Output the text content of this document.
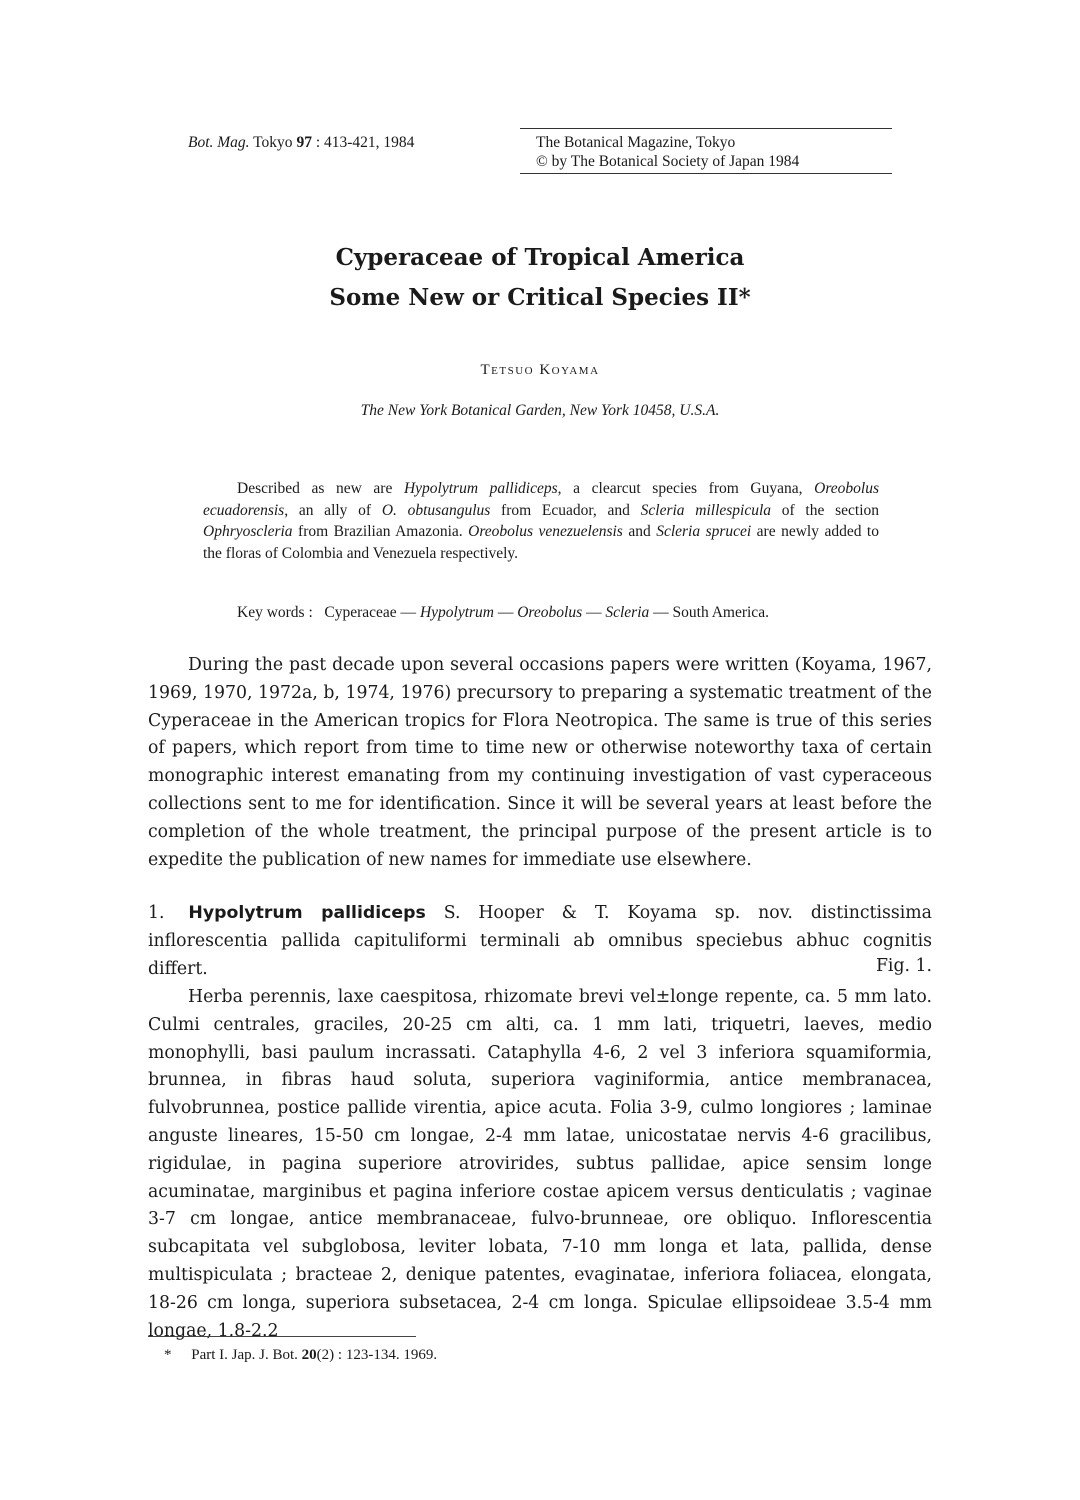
Bot. Mag. Tokyo 97 : 413-421, 1984	The Botanical Magazine, Tokyo
© by The Botanical Society of Japan 1984
Cyperaceae of Tropical America
Some New or Critical Species II*
Tetsuo Koyama
The New York Botanical Garden, New York 10458, U.S.A.
Described as new are Hypolytrum pallidiceps, a clearcut species from Guyana, Oreobolus ecuadorensis, an ally of O. obtusangulus from Ecuador, and Scleria millespicula of the section Ophryoscleria from Brazilian Amazonia. Oreobolus venezuelensis and Scleria sprucei are newly added to the floras of Colombia and Venezuela respectively.
Key words : Cyperaceae — Hypolytrum — Oreobolus — Scleria — South America.
During the past decade upon several occasions papers were written (Koyama, 1967, 1969, 1970, 1972a, b, 1974, 1976) precursory to preparing a systematic treatment of the Cyperaceae in the American tropics for Flora Neotropica. The same is true of this series of papers, which report from time to time new or otherwise noteworthy taxa of certain monographic interest emanating from my continuing investigation of vast cyperaceous collections sent to me for identification. Since it will be several years at least before the completion of the whole treatment, the principal purpose of the present article is to expedite the publication of new names for immediate use elsewhere.
1. Hypolytrum pallidiceps S. Hooper & T. Koyama sp. nov. distinctissima inflorescentia pallida capituliformi terminali ab omnibus speciebus abhuc cognitis differt.	Fig. 1.
Herba perennis, laxe caespitosa, rhizomate brevi vel±longe repente, ca. 5 mm lato. Culmi centrales, graciles, 20-25 cm alti, ca. 1 mm lati, triquetri, laeves, medio monophylli, basi paulum incrassati. Cataphylla 4-6, 2 vel 3 inferiora squamiformia, brunnea, in fibras haud soluta, superiora vaginiformia, antice membranacea, fulvobrunnea, postice pallide virentia, apice acuta. Folia 3-9, culmo longiores ; laminae anguste lineares, 15-50 cm longae, 2-4 mm latae, unicostatae nervis 4-6 gracilibus, rigidulae, in pagina superiore atrovirides, subtus pallidae, apice sensim longe acuminatae, marginibus et pagina inferiore costae apicem versus denticulatis ; vaginae 3-7 cm longae, antice membranaceae, fulvo-brunneae, ore obliquo. Inflorescentia subcapitata vel subglobosa, leviter lobata, 7-10 mm longa et lata, pallida, dense multispiculata ; bracteae 2, denique patentes, evaginatae, inferiora foliacea, elongata, 18-26 cm longa, superiora subsetacea, 2-4 cm longa. Spiculae ellipsoideae 3.5-4 mm longae, 1.8-2.2
* Part I. Jap. J. Bot. 20(2) : 123-134. 1969.
